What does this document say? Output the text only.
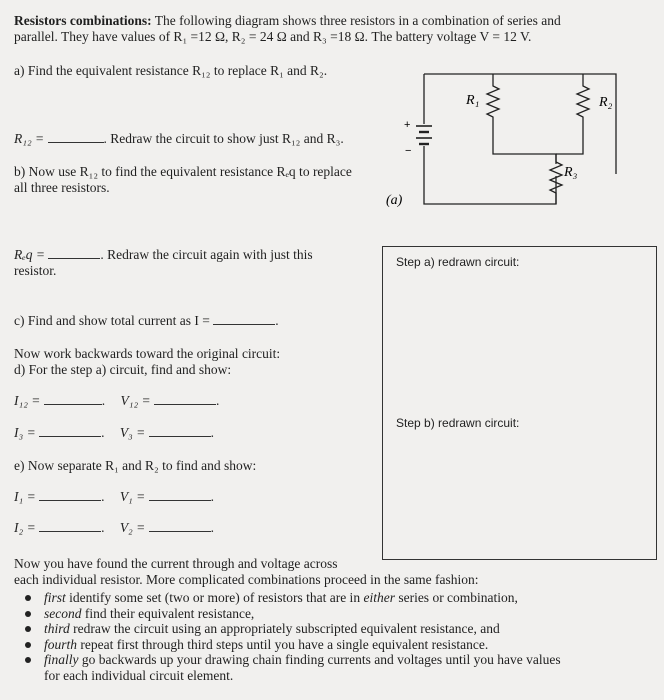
Resistors combinations: The following diagram shows three resistors in a combination of series and
parallel. They have values of R₁ =12 Ω, R₂ = 24 Ω and R₃ =18 Ω. The battery voltage V = 12 V.
a) Find the equivalent resistance R₁₂ to replace R₁ and R₂.
R₁₂ =	. Redraw the circuit to show just R₁₂ and R₃.
b) Now use R₁₂ to find the equivalent resistance Rₑq to replace
all three resistors.
Rₑq =	. Redraw the circuit again with just this
resistor.
c) Find and show total current as I =	.
Now work backwards toward the original circuit:
d) For the step a) circuit, find and show:
I₁₂ =	. V₁₂ =	.
I₃ =	. V₃ =	.
e) Now separate R₁ and R₂ to find and show:
I₁ =	. V₁ =	.
I₂ =	. V₂ =	.
R₁	R₂
R₃
+
−
(a)
Step a) redrawn circuit:
Step b) redrawn circuit:
Now you have found the current through and voltage across
each individual resistor. More complicated combinations proceed in the same fashion:
first identify some set (two or more) of resistors that are in either series or combination,
second find their equivalent resistance,
third redraw the circuit using an appropriately subscripted equivalent resistance, and
fourth repeat first through third steps until you have a single equivalent resistance.
finally go backwards up your drawing chain finding currents and voltages until you have values
for each individual circuit element.
